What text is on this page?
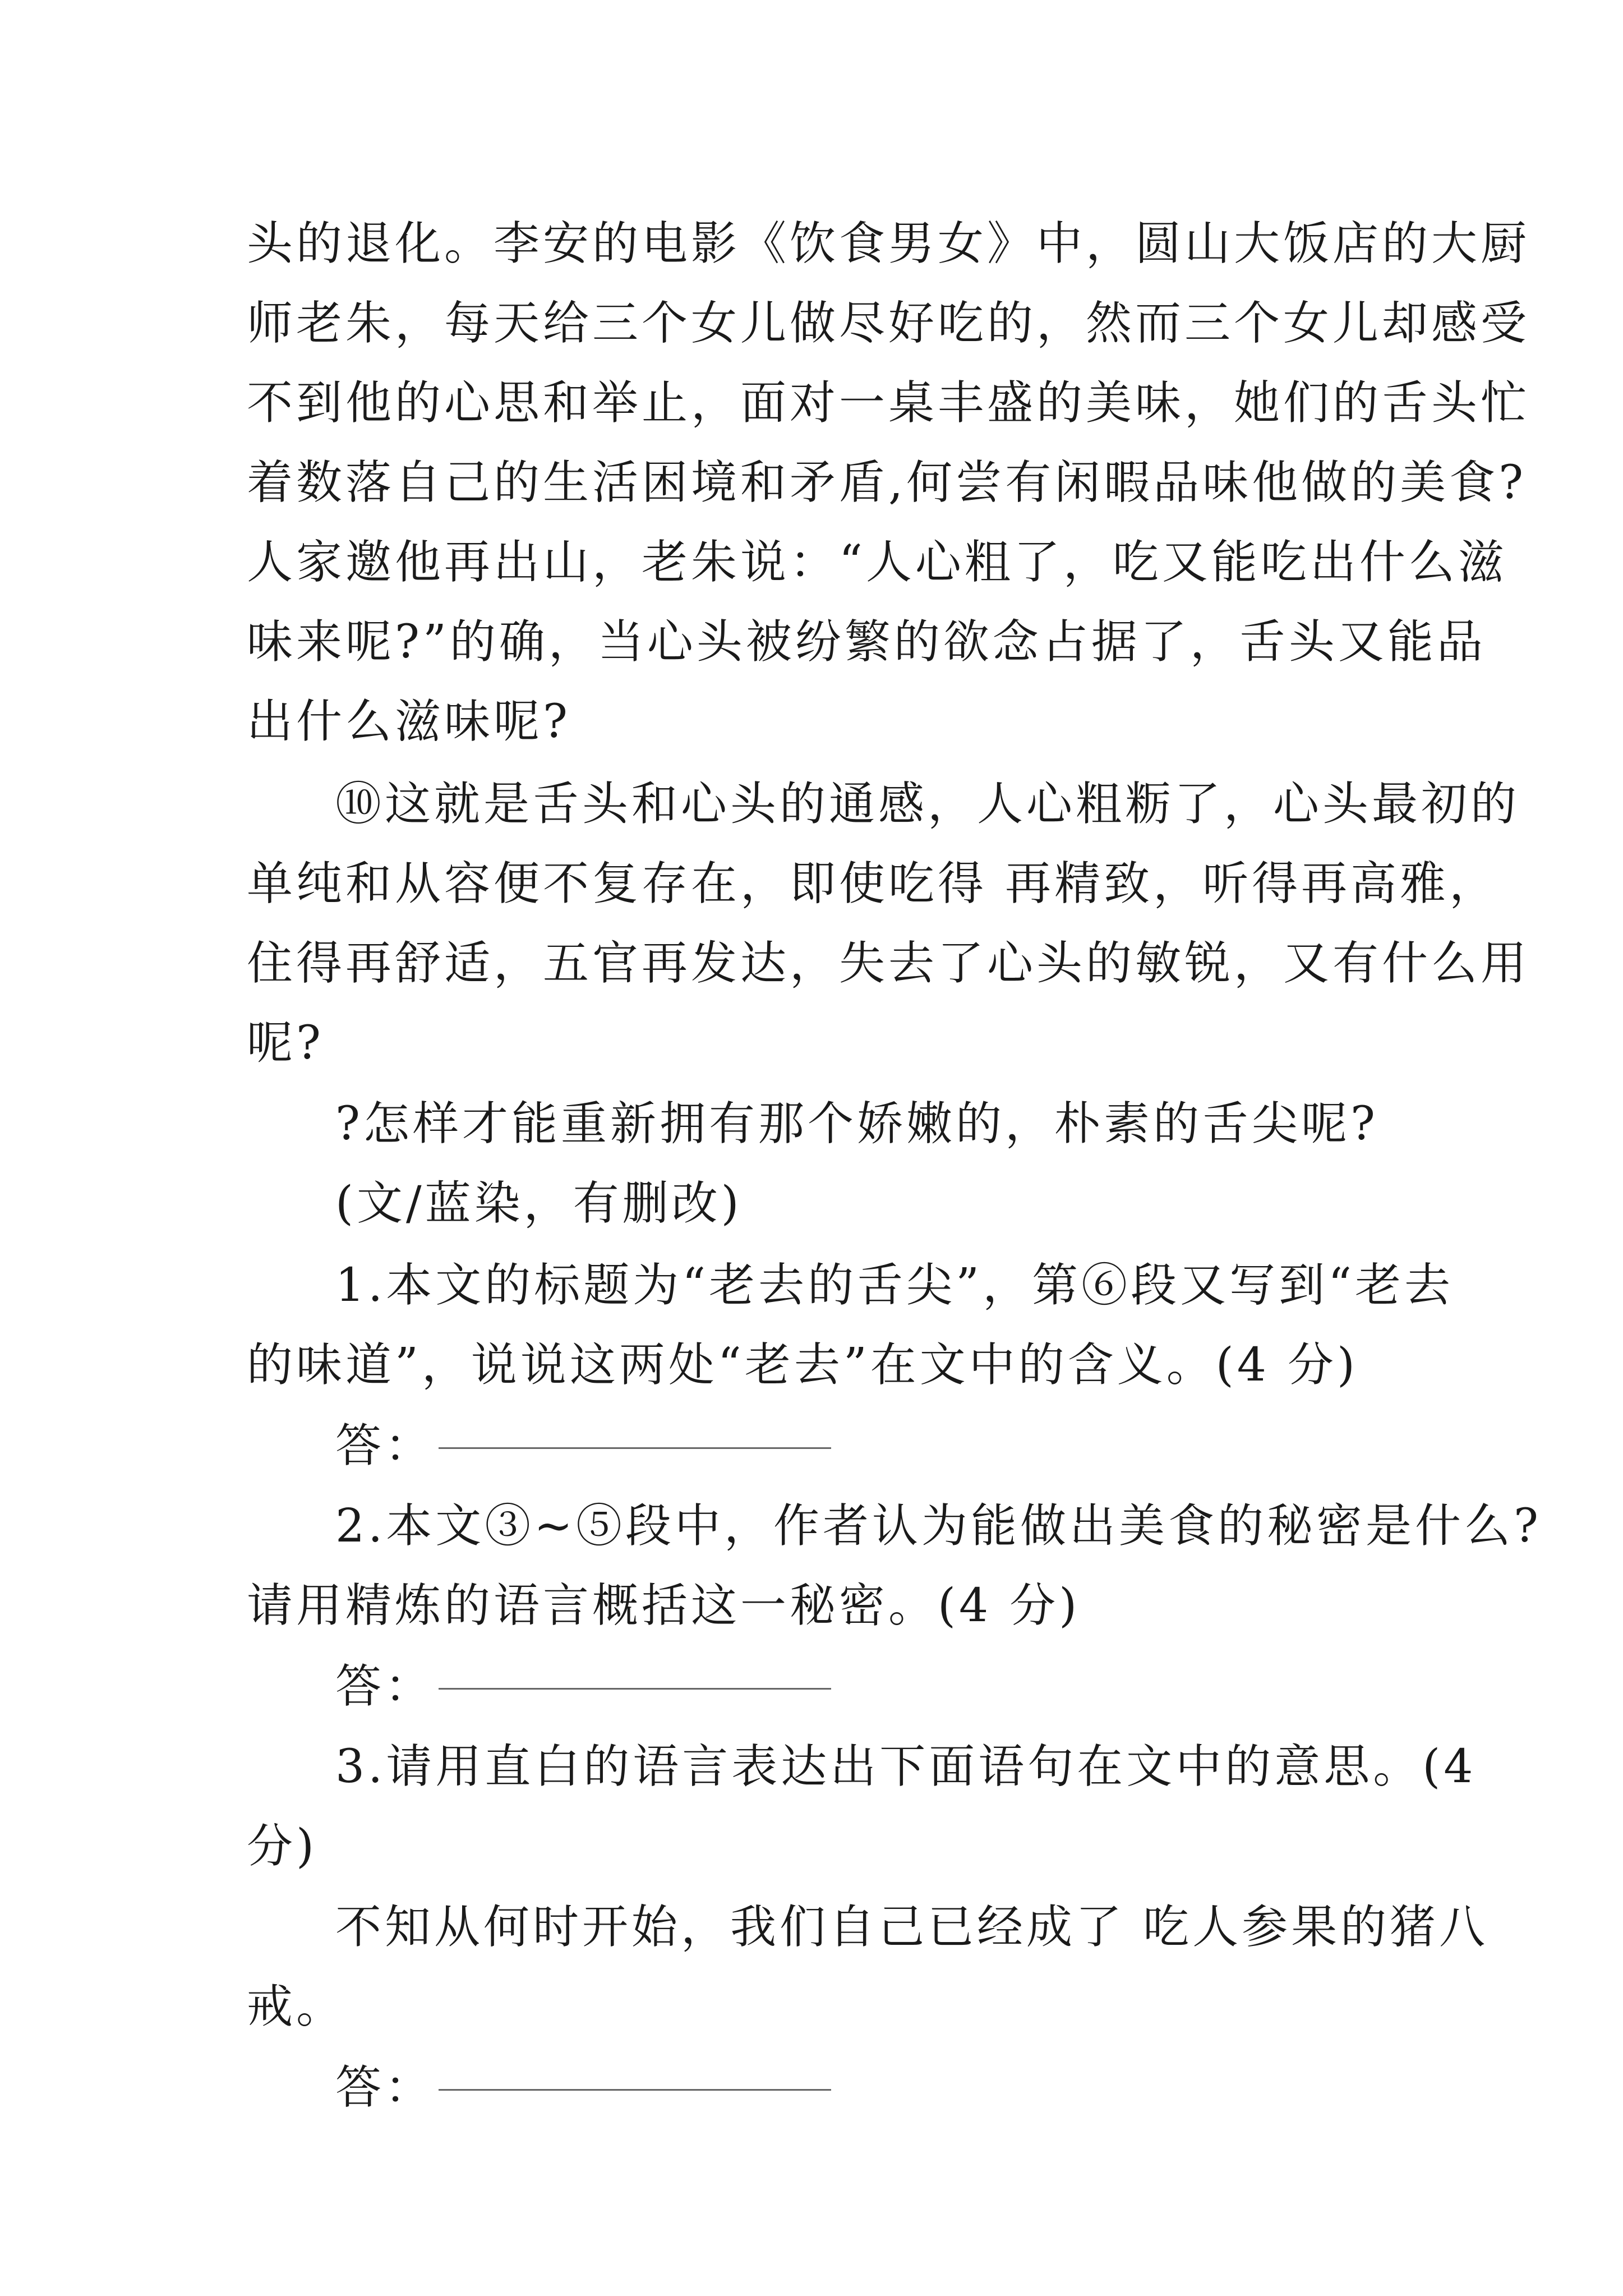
头的退化。李安的电影《饮食男女》中，圆山大饭店的大厨
师老朱，每天给三个女儿做尽好吃的，然而三个女儿却感受
不到他的心思和举止，面对一桌丰盛的美味，她们的舌头忙
着数落自己的生活困境和矛盾,何尝有闲暇品味他做的美食?
人家邀他再出山，老朱说：“人心粗了，吃又能吃出什么滋
味来呢?”的确，当心头被纷繁的欲念占据了，舌头又能品
出什么滋味呢?
⑩这就是舌头和心头的通感，人心粗粝了，心头最初的
单纯和从容便不复存在，即使吃得 再精致，听得再高雅，
住得再舒适，五官再发达，失去了心头的敏锐，又有什么用
呢?
?怎样才能重新拥有那个娇嫩的，朴素的舌尖呢?
(文/蓝染，有删改)
1.本文的标题为“老去的舌尖”，第⑥段又写到“老去
的味道”，说说这两处“老去”在文中的含义。(4 分)
答：
2.本文③~⑤段中，作者认为能做出美食的秘密是什么?
请用精炼的语言概括这一秘密。(4 分)
答：
3.请用直白的语言表达出下面语句在文中的意思。(4
分)
不知从何时开始，我们自己已经成了 吃人参果的猪八
戒。
答：
